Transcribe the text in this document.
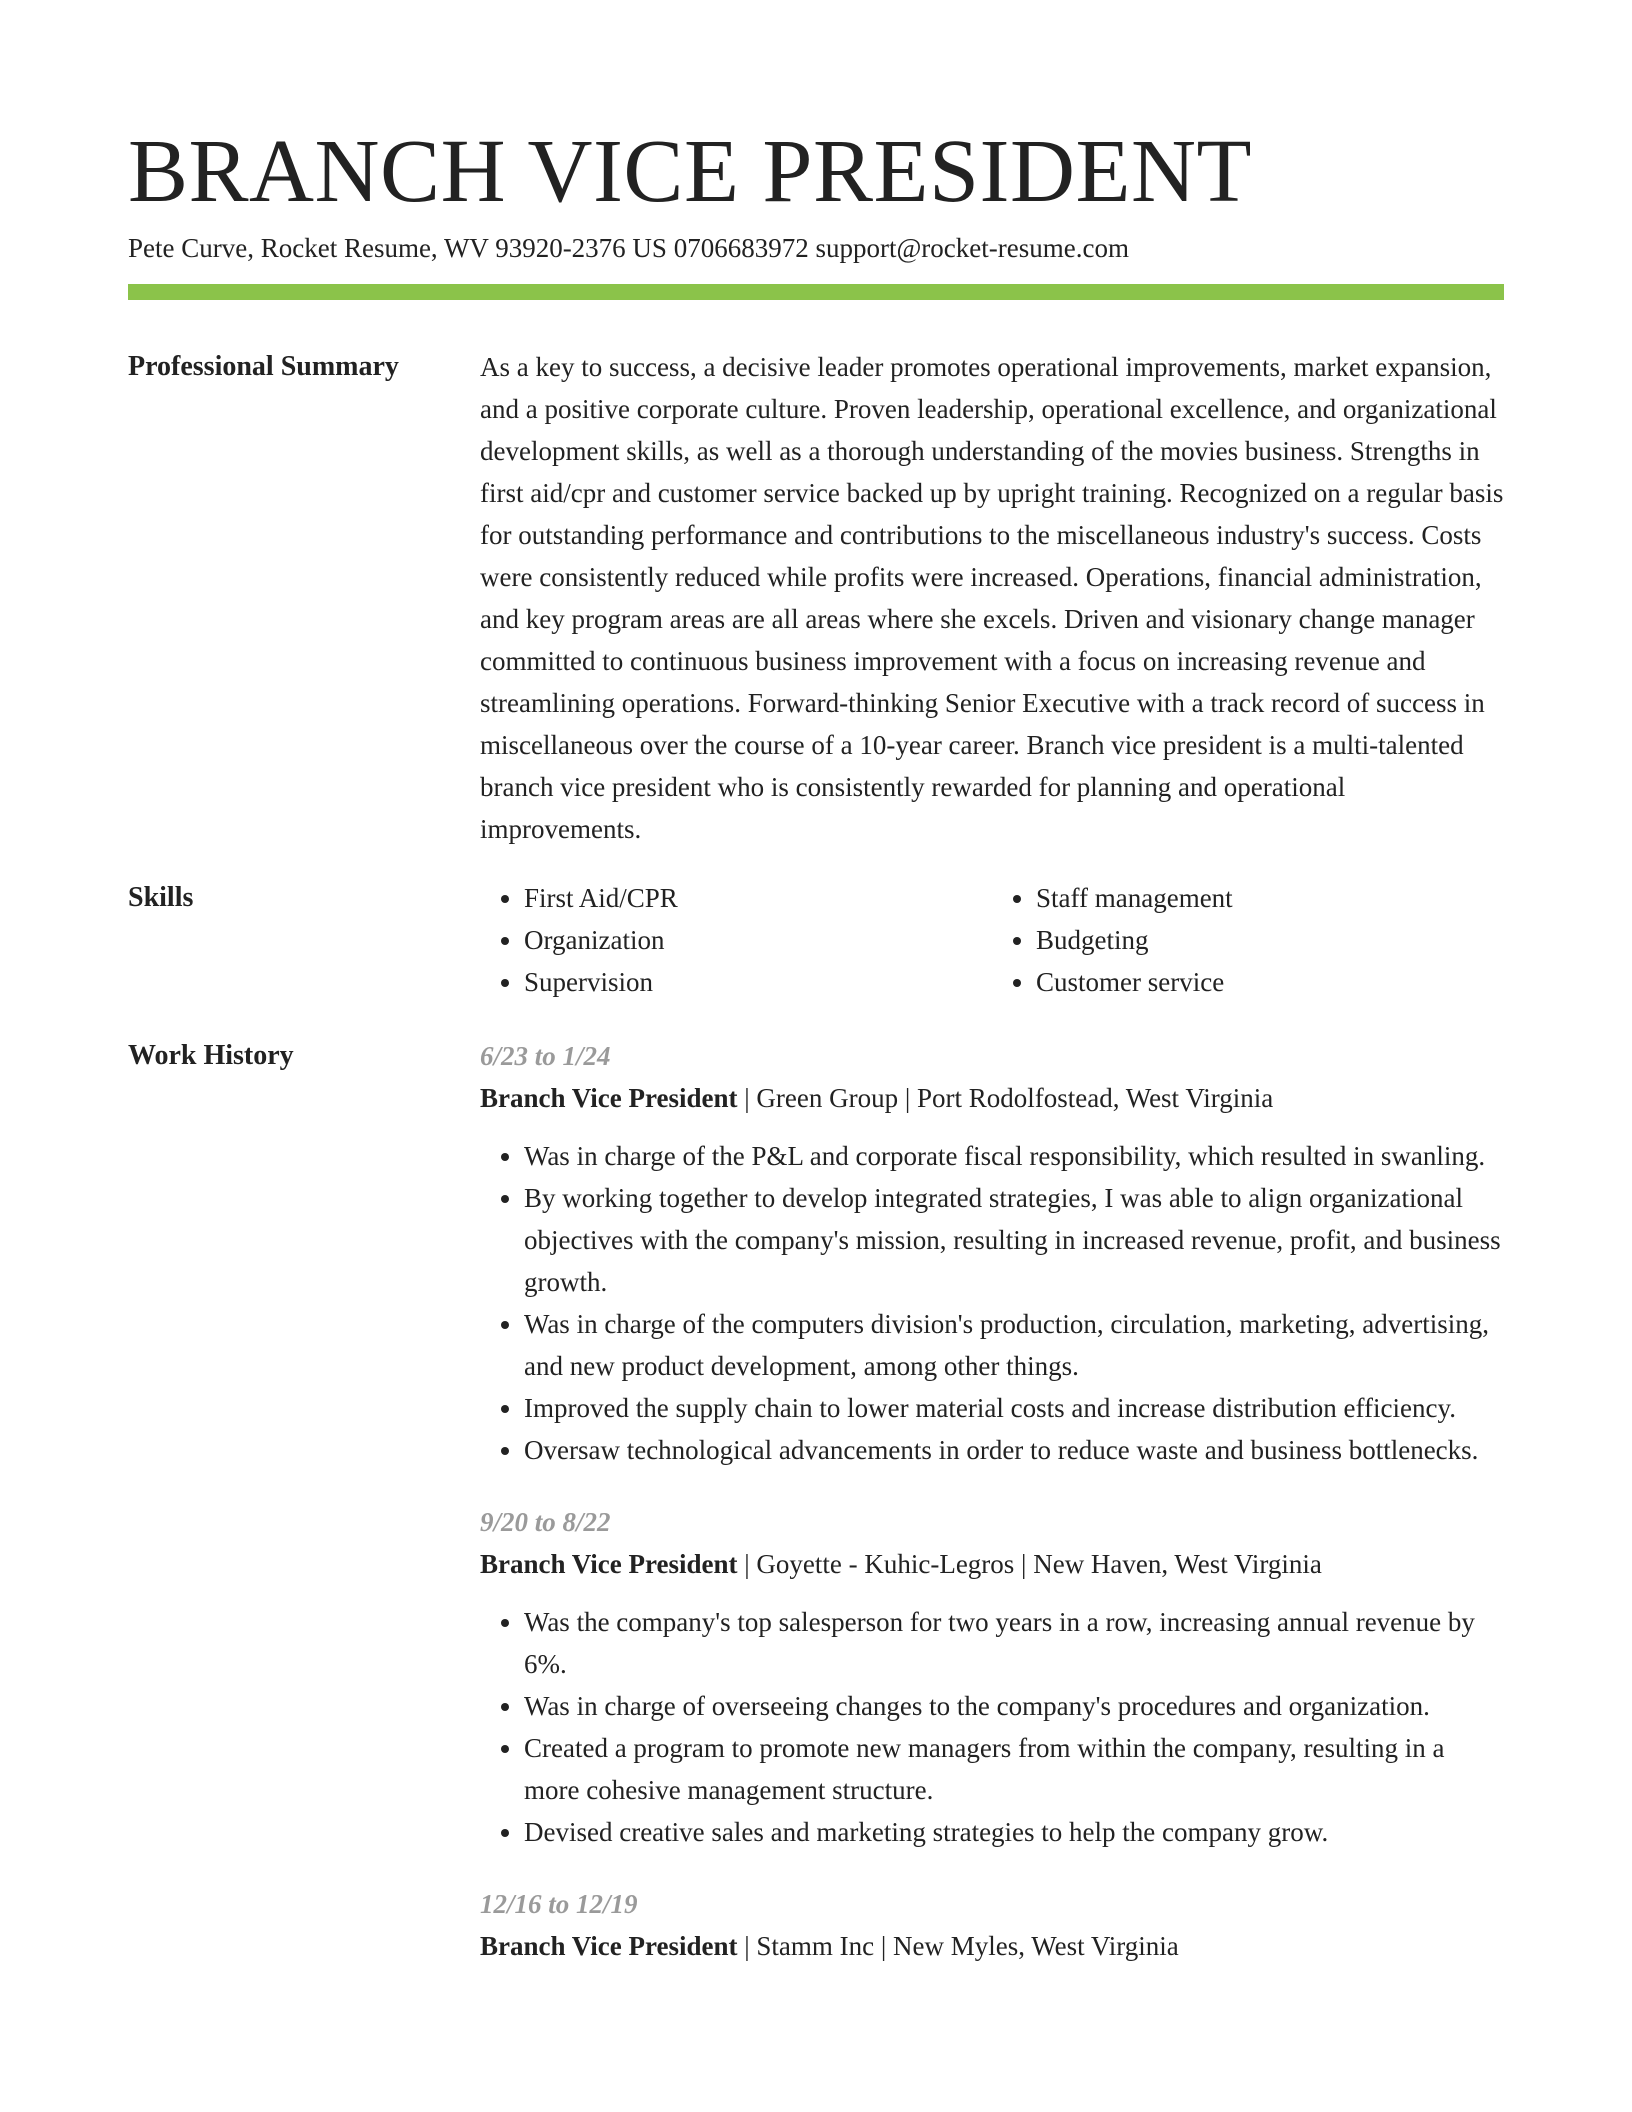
BRANCH VICE PRESIDENT
Pete Curve, Rocket Resume, WV 93920-2376 US 0706683972 support@rocket-resume.com
Professional Summary	As a key to success, a decisive leader promotes operational improvements, market expansion, and a positive corporate culture. Proven leadership, operational excellence, and organizational development skills, as well as a thorough understanding of the movies business. Strengths in first aid/cpr and customer service backed up by upright training. Recognized on a regular basis for outstanding performance and contributions to the miscellaneous industry's success. Costs were consistently reduced while profits were increased. Operations, financial administration, and key program areas are all areas where she excels. Driven and visionary change manager committed to continuous business improvement with a focus on increasing revenue and streamlining operations. Forward-thinking Senior Executive with a track record of success in miscellaneous over the course of a 10-year career. Branch vice president is a multi-talented branch vice president who is consistently rewarded for planning and operational improvements.

Skills
•	First Aid/CPR
• Organization
• Supervision
• Staff management
• Budgeting
• Customer service
Work History	6/23 to 1/24
Branch Vice President | Green Group | Port Rodolfostead, West Virginia
• Was in charge of the P&L and corporate fiscal responsibility, which resulted in swanling.
• By working together to develop integrated strategies, I was able to align organizational objectives with the company's mission, resulting in increased revenue, profit, and business growth.
• Was in charge of the computers division's production, circulation, marketing, advertising, and new product development, among other things.
• Improved the supply chain to lower material costs and increase distribution efficiency.
• Oversaw technological advancements in order to reduce waste and business bottlenecks.
9/20 to 8/22
Branch Vice President | Goyette - Kuhic-Legros | New Haven, West Virginia
• Was the company's top salesperson for two years in a row, increasing annual revenue by 6%.
• Was in charge of overseeing changes to the company's procedures and organization.
• Created a program to promote new managers from within the company, resulting in a more cohesive management structure.
• Devised creative sales and marketing strategies to help the company grow.
12/16 to 12/19
Branch Vice President | Stamm Inc | New Myles, West Virginia
